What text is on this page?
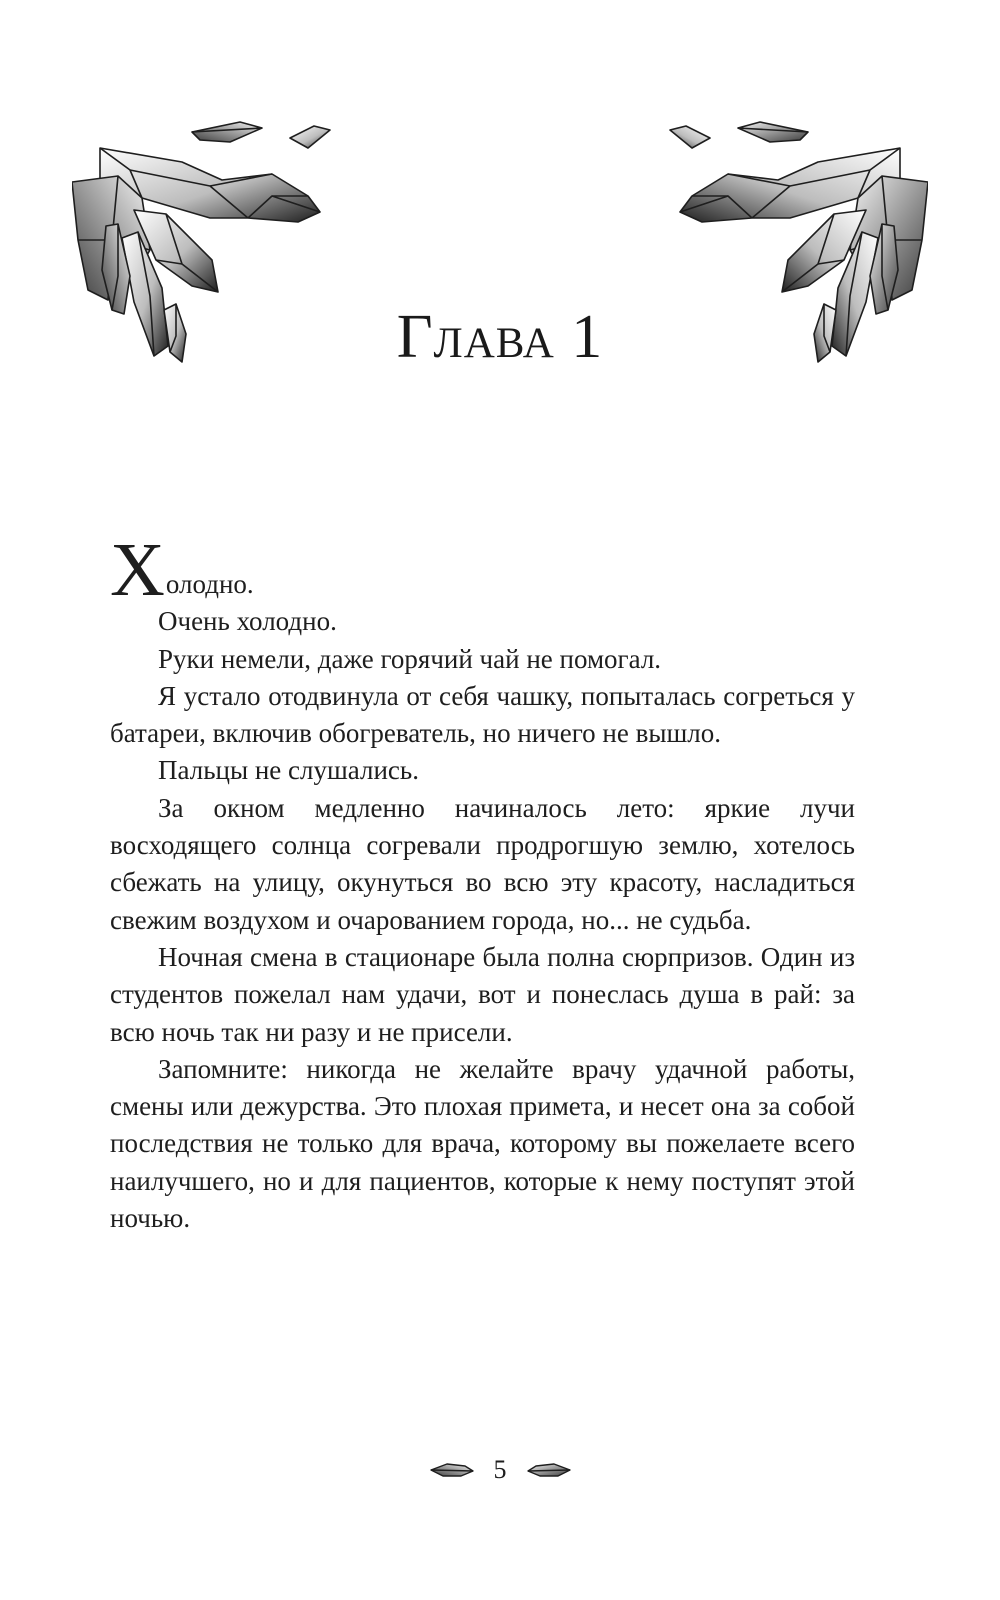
Глава 1

Холодно.

Очень холодно.

Руки немели, даже горячий чай не помогал.

Я устало отодвинула от себя чашку, попыталась согреться у батареи, включив обогреватель, но ничего не вышло.

Пальцы не слушались.

За окном медленно начиналось лето: яркие лучи восходящего солнца согревали продрогшую землю, хотелось сбежать на улицу, окунуться во всю эту красоту, насладиться свежим воздухом и очарованием города, но... не судьба.

Ночная смена в стационаре была полна сюрпризов. Один из студентов пожелал нам удачи, вот и понеслась душа в рай: за всю ночь так ни разу и не присели.

Запомните: никогда не желайте врачу удачной работы, смены или дежурства. Это плохая примета, и несет она за собой последствия не только для врача, которому вы пожелаете всего наилучшего, но и для пациентов, которые к нему поступят этой ночью.

5
